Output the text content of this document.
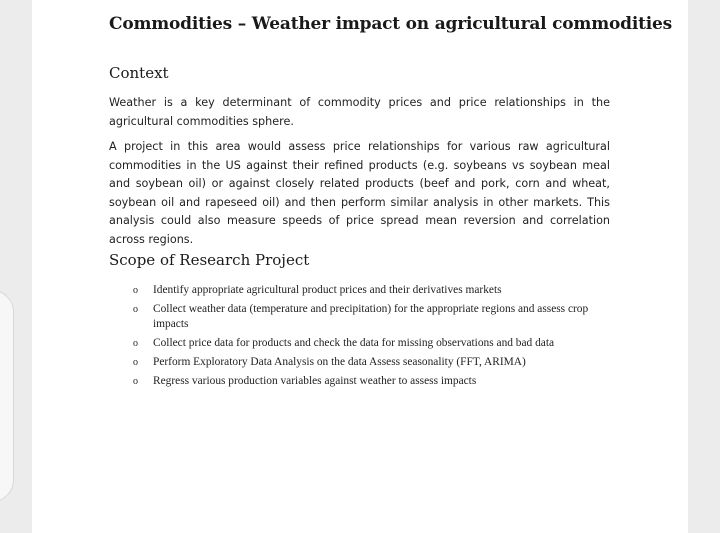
Commodities – Weather impact on agricultural commodities
Context

Weather is a key determinant of commodity prices and price relationships in the agricultural commodities sphere.

A project in this area would assess price relationships for various raw agricultural commodities in the US against their refined products (e.g. soybeans vs soybean meal and soybean oil) or against closely related products (beef and pork, corn and wheat, soybean oil and rapeseed oil) and then perform similar analysis in other markets. This analysis could also measure speeds of price spread mean reversion and correlation across regions.

Scope of Research Project
o Identify appropriate agricultural product prices and their derivatives markets
o Collect weather data (temperature and precipitation) for the appropriate regions and assess crop impacts
o Collect price data for products and check the data for missing observations and bad data
o Perform Exploratory Data Analysis on the data Assess seasonality (FFT, ARIMA)
o Regress various production variables against weather to assess impacts
